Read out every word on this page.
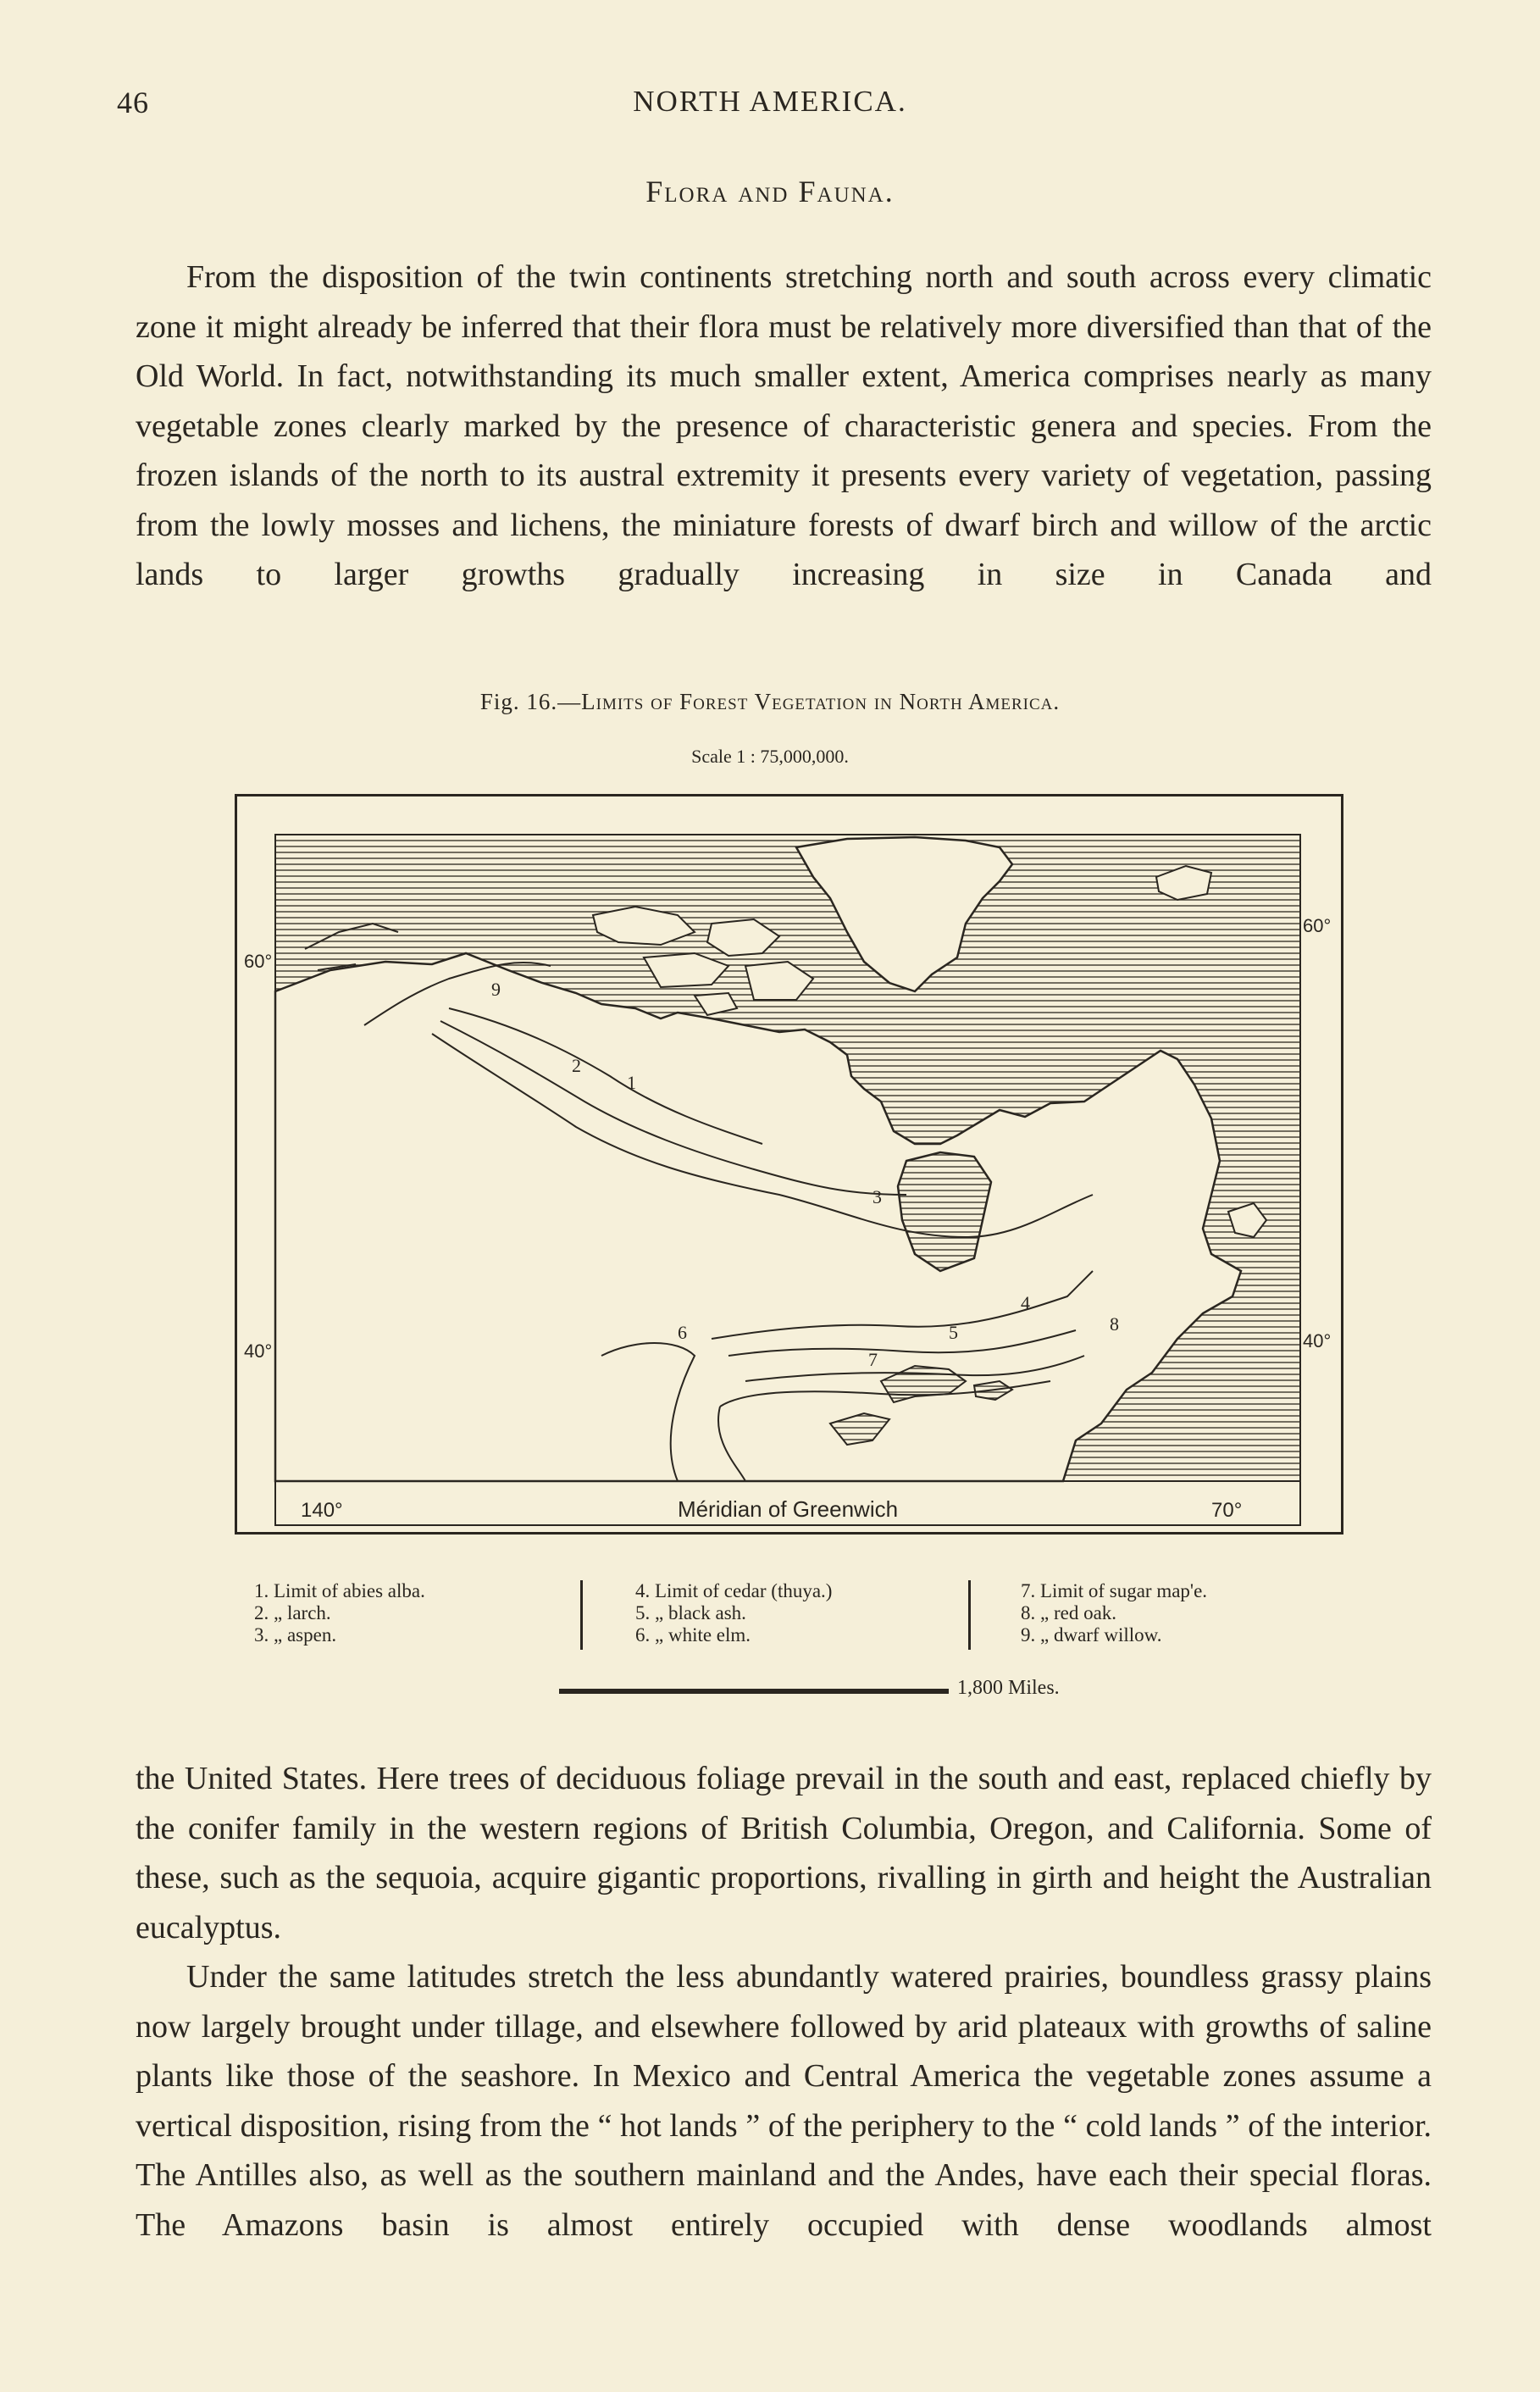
46	NORTH AMERICA.
Flora and Fauna.

From the disposition of the twin continents stretching north and south across every climatic zone it might already be inferred that their flora must be relatively more diversified than that of the Old World. In fact, notwithstanding its much smaller extent, America comprises nearly as many vegetable zones clearly marked by the presence of characteristic genera and species. From the frozen islands of the north to its austral extremity it presents every variety of vegetation, passing from the lowly mosses and lichens, the miniature forests of dwarf birch and willow of the arctic lands to larger growths gradually increasing in size in Canada and

Fig. 16.—Limits of Forest Vegetation in North America.
Scale 1 : 75,000,000.
1
2
3
4
5
6
7
8
9
60°
60°
40°	40°
140°	Méridian of Greenwich	70°
1. Limit of abies alba.
2. „ larch.
3. „ aspen.
4. Limit of cedar (thuya.)
5. „ black ash.
6. „ white elm.
7. Limit of sugar map'e.
8. „ red oak.
9. „ dwarf willow.
1,800 Miles.

the United States. Here trees of deciduous foliage prevail in the south and east, replaced chiefly by the conifer family in the western regions of British Columbia, Oregon, and California. Some of these, such as the sequoia, acquire gigantic proportions, rivalling in girth and height the Australian eucalyptus.

Under the same latitudes stretch the less abundantly watered prairies, boundless grassy plains now largely brought under tillage, and elsewhere followed by arid plateaux with growths of saline plants like those of the seashore. In Mexico and Central America the vegetable zones assume a vertical disposition, rising from the “ hot lands ” of the periphery to the “ cold lands ” of the interior. The Antilles also, as well as the southern mainland and the Andes, have each their special floras. The Amazons basin is almost entirely occupied with dense woodlands almost
